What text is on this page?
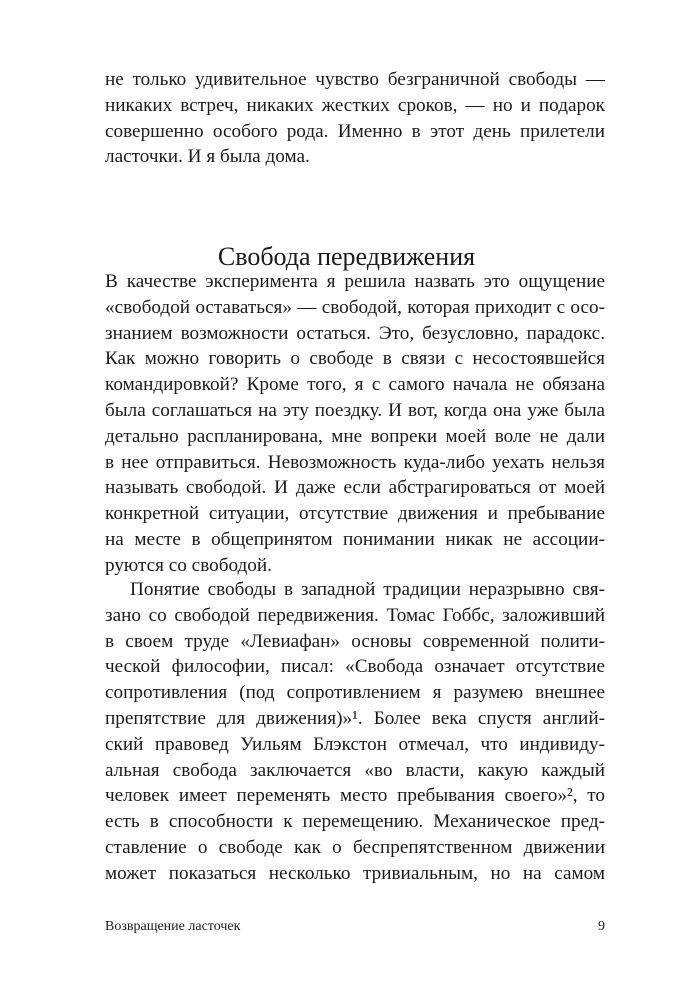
не только удивительное чувство безграничной свободы —
никаких встреч, никаких жестких сроков, — но и подарок
совершенно особого рода. Именно в этот день прилетели
ласточки. И я была дома.
Свобода передвижения
В качестве эксперимента я решила назвать это ощущение
«свободой оставаться» — свободой, которая приходит с осо-
знанием возможности остаться. Это, безусловно, парадокс.
Как можно говорить о свободе в связи с несостоявшейся
командировкой? Кроме того, я с самого начала не обязана
была соглашаться на эту поездку. И вот, когда она уже была
детально распланирована, мне вопреки моей воле не дали
в нее отправиться. Невозможность куда-либо уехать нельзя
называть свободой. И даже если абстрагироваться от моей
конкретной ситуации, отсутствие движения и пребывание
на месте в общепринятом понимании никак не ассоции-
руются со свободой.
Понятие свободы в западной традиции неразрывно свя-
зано со свободой передвижения. Томас Гоббс, заложивший
в своем труде «Левиафан» основы современной полити-
ческой философии, писал: «Свобода означает отсутствие
сопротивления (под сопротивлением я разумею внешнее
препятствие для движения)»¹. Более века спустя англий-
ский правовед Уильям Блэкстон отмечал, что индивиду-
альная свобода заключается «во власти, какую каждый
человек имеет переменять место пребывания своего»², то
есть в способности к перемещению. Механическое пред-
ставление о свободе как о беспрепятственном движении
может показаться несколько тривиальным, но на самом
Возвращение ласточек	9
